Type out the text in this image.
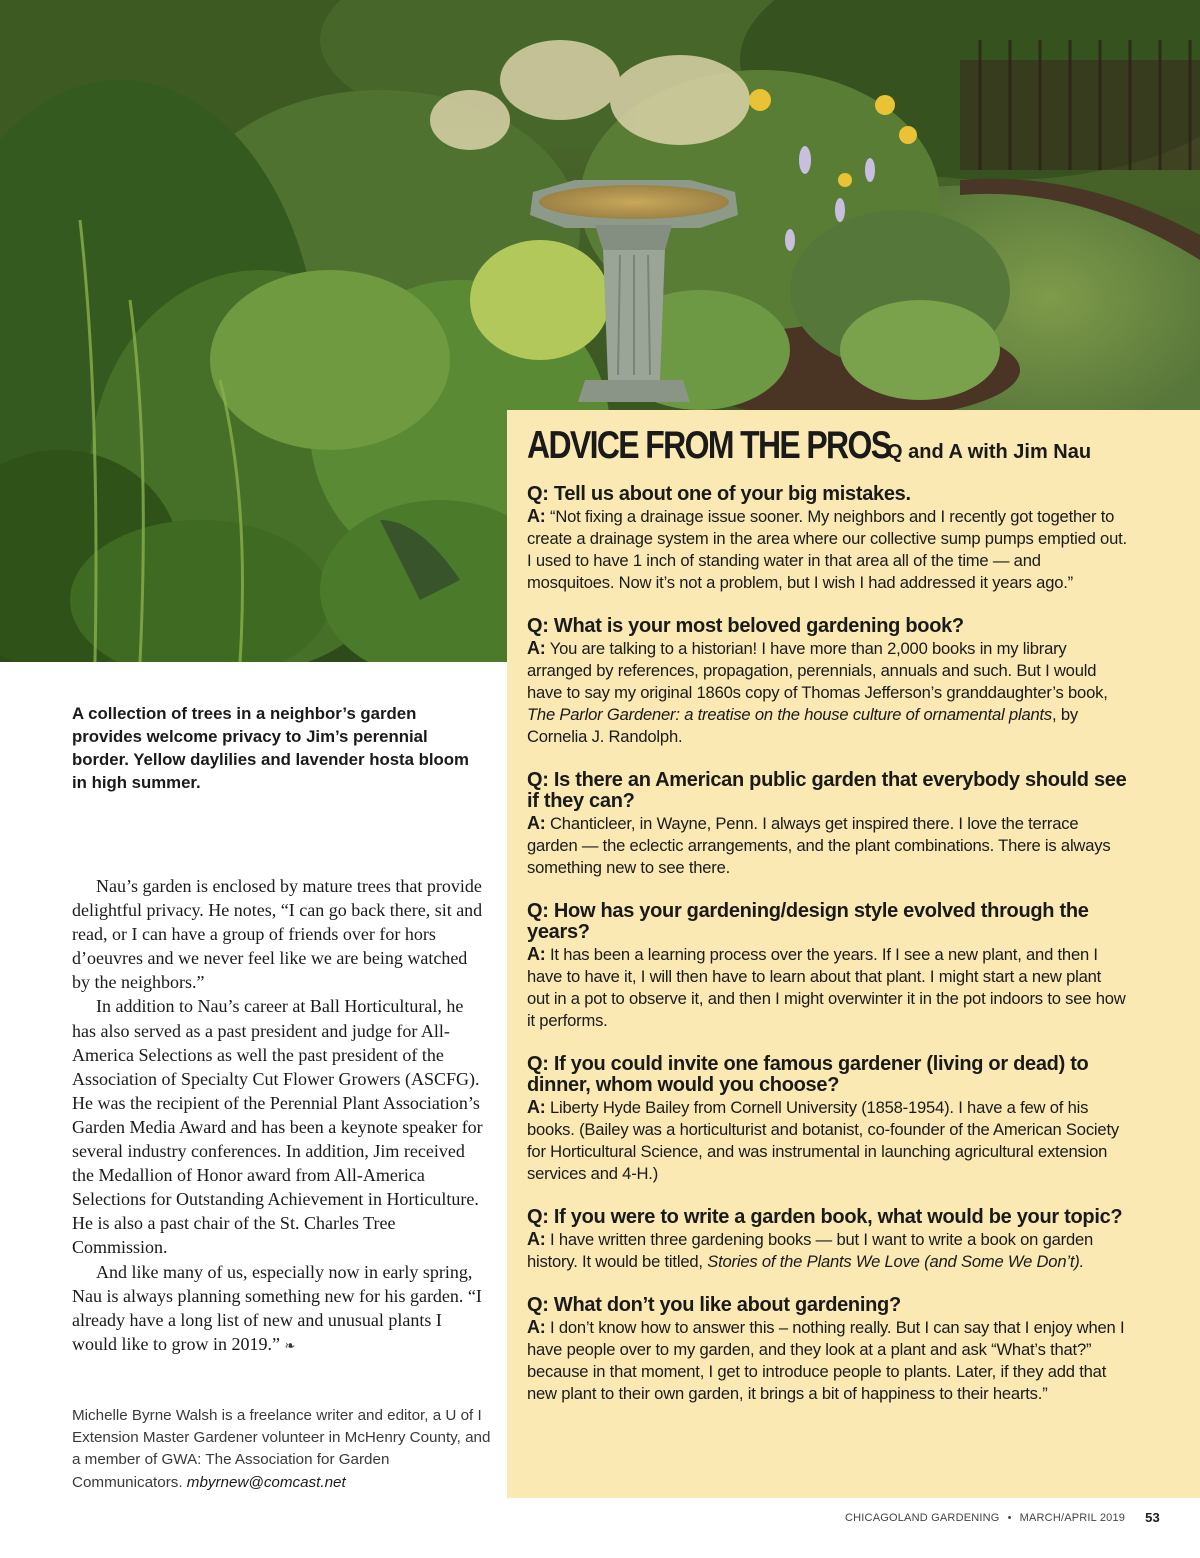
ADVICE FROM THE PROS
Q and A with Jim Nau
Q: Tell us about one of your big mistakes.
A: “Not fixing a drainage issue sooner. My neighbors and I recently got together to create a drainage system in the area where our collective sump pumps emptied out. I used to have 1 inch of standing water in that area all of the time — and mosquitoes. Now it’s not a problem, but I wish I had addressed it years ago.”
Q: What is your most beloved gardening book?
A: You are talking to a historian! I have more than 2,000 books in my library arranged by references, propagation, perennials, annuals and such. But I would have to say my original 1860s copy of Thomas Jefferson’s granddaughter’s book, The Parlor Gardener: a treatise on the house culture of ornamental plants, by Cornelia J. Randolph.
Q: Is there an American public garden that everybody should see if they can?
A: Chanticleer, in Wayne, Penn. I always get inspired there. I love the terrace garden — the eclectic arrangements, and the plant combinations. There is always something new to see there.
Q: How has your gardening/design style evolved through the years?
A: It has been a learning process over the years. If I see a new plant, and then I have to have it, I will then have to learn about that plant. I might start a new plant out in a pot to observe it, and then I might overwinter it in the pot indoors to see how it performs.
Q: If you could invite one famous gardener (living or dead) to dinner, whom would you choose?
A: Liberty Hyde Bailey from Cornell University (1858-1954). I have a few of his books. (Bailey was a horticulturist and botanist, co-founder of the American Society for Horticultural Science, and was instrumental in launching agricultural extension services and 4-H.)
Q: If you were to write a garden book, what would be your topic?
A: I have written three gardening books — but I want to write a book on garden history. It would be titled, Stories of the Plants We Love (and Some We Don’t).
Q: What don’t you like about gardening?
A: I don’t know how to answer this – nothing really. But I can say that I enjoy when I have people over to my garden, and they look at a plant and ask “What’s that?” because in that moment, I get to introduce people to plants. Later, if they add that new plant to their own garden, it brings a bit of happiness to their hearts.”
A collection of trees in a neighbor’s garden provides welcome privacy to Jim’s perennial border. Yellow daylilies and lavender hosta bloom in high summer.

Nau’s garden is enclosed by mature trees that provide delightful privacy. He notes, “I can go back there, sit and read, or I can have a group of friends over for hors d’oeuvres and we never feel like we are being watched by the neighbors.”

In addition to Nau’s career at Ball Horticultural, he has also served as a past president and judge for All-America Selections as well the past president of the Association of Specialty Cut Flower Growers (ASCFG). He was the recipient of the Perennial Plant Association’s Garden Media Award and has been a keynote speaker for several industry conferences. In addition, Jim received the Medallion of Honor award from All-America Selections for Outstanding Achievement in Horticulture. He is also a past chair of the St. Charles Tree Commission.

And like many of us, especially now in early spring, Nau is always planning something new for his garden. “I already have a long list of new and unusual plants I would like to grow in 2019.” ❧

Michelle Byrne Walsh is a freelance writer and editor, a U of I Extension Master Gardener volunteer in McHenry County, and a member of GWA: The Association for Garden Communicators. mbyrnew@comcast.net
CHICAGOLAND GARDENING • MARCH/APRIL 2019 53
